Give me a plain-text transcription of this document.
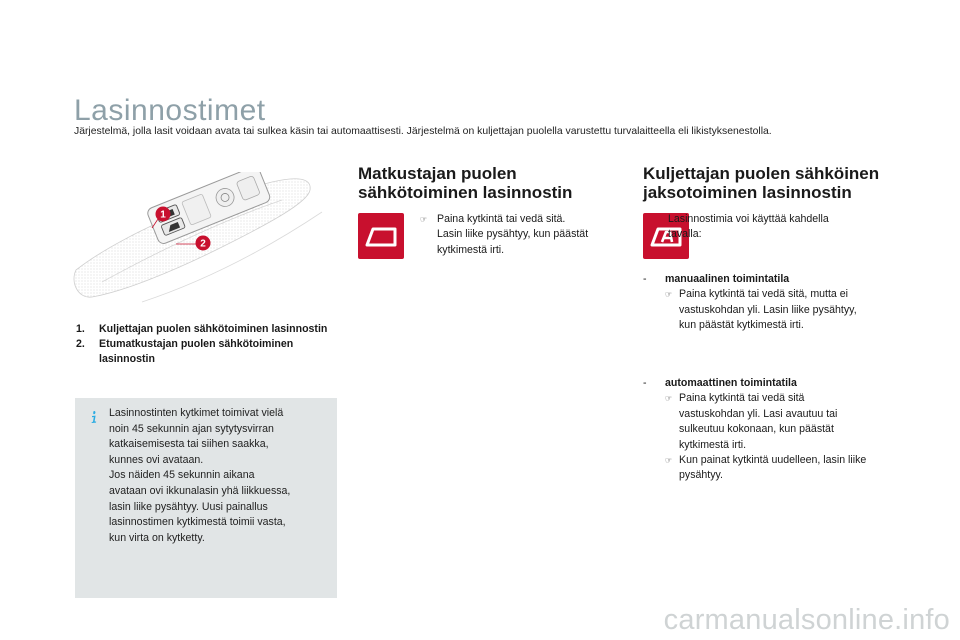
Lasinnostimet
Järjestelmä, jolla lasit voidaan avata tai sulkea käsin tai automaattisesti. Järjestelmä on kuljettajan puolella varustettu turvalaitteella eli likistyksenestolla.
1
2
1.	Kuljettajan puolen sähkötoiminen lasinnostin
2.	Etumatkustajan puolen sähkötoiminen lasinnostin

Lasinnostinten kytkimet toimivat vielä

noin 45 sekunnin ajan sytytysvirran

katkaisemisesta tai siihen saakka,

kunnes ovi avataan.

Jos näiden 45 sekunnin aikana

avataan ovi ikkunalasin yhä liikkuessa,

lasin liike pysähtyy. Uusi painallus

lasinnostimen kytkimestä toimii vasta,

kun virta on kytketty.

Matkustajan puolen
sähkötoiminen lasinnostin
☞ Paina kytkintä tai vedä sitä.
Lasin liike pysähtyy, kun päästät
kytkimestä irti.
Kuljettajan puolen sähköinen
jaksotoiminen lasinnostin
Lasinnostimia voi käyttää kahdella
tavalla:
-	manuaalinen toimintatila
☞ Paina kytkintä tai vedä sitä, mutta ei
vastuskohdan yli. Lasin liike pysähtyy,
kun päästät kytkimestä irti.
-	automaattinen toimintatila
☞ Paina kytkintä tai vedä sitä
vastuskohdan yli. Lasi avautuu tai
sulkeutuu kokonaan, kun päästät
kytkimestä irti.
☞ Kun painat kytkintä uudelleen, lasin liike
pysähtyy.
carmanualsonline.info
